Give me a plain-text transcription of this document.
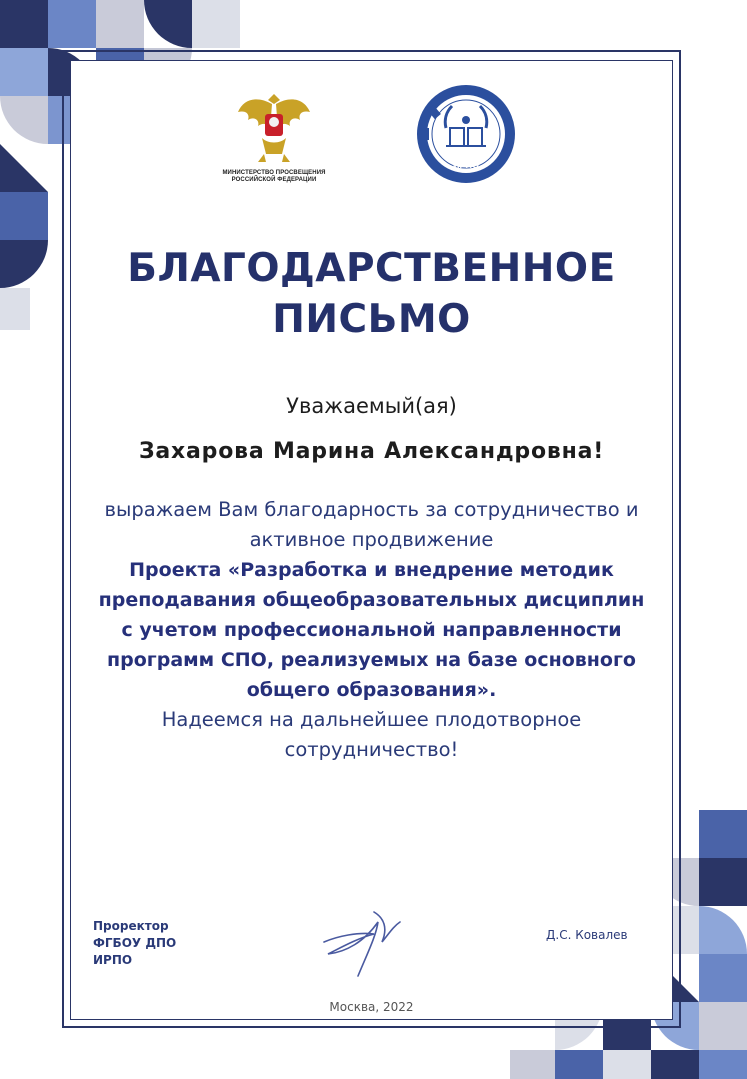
МИНИСТЕРСТВО ПРОСВЕЩЕНИЯ
РОССИЙСКОЙ ФЕДЕРАЦИИ
ИРПО
БЛАГОДАРСТВЕННОЕ
ПИСЬМО
Уважаемый(ая)
Захарова Марина Александровна!
выражаем Вам благодарность за сотрудничество и
активное продвижение
Проекта «Разработка и внедрение методик
преподавания общеобразовательных дисциплин
с учетом профессиональной направленности
программ СПО, реализуемых на базе основного
общего образования».
Надеемся на дальнейшее плодотворное
сотрудничество!
Проректор
ФГБОУ ДПО
ИРПО
Д.С. Ковалев
Москва, 2022
